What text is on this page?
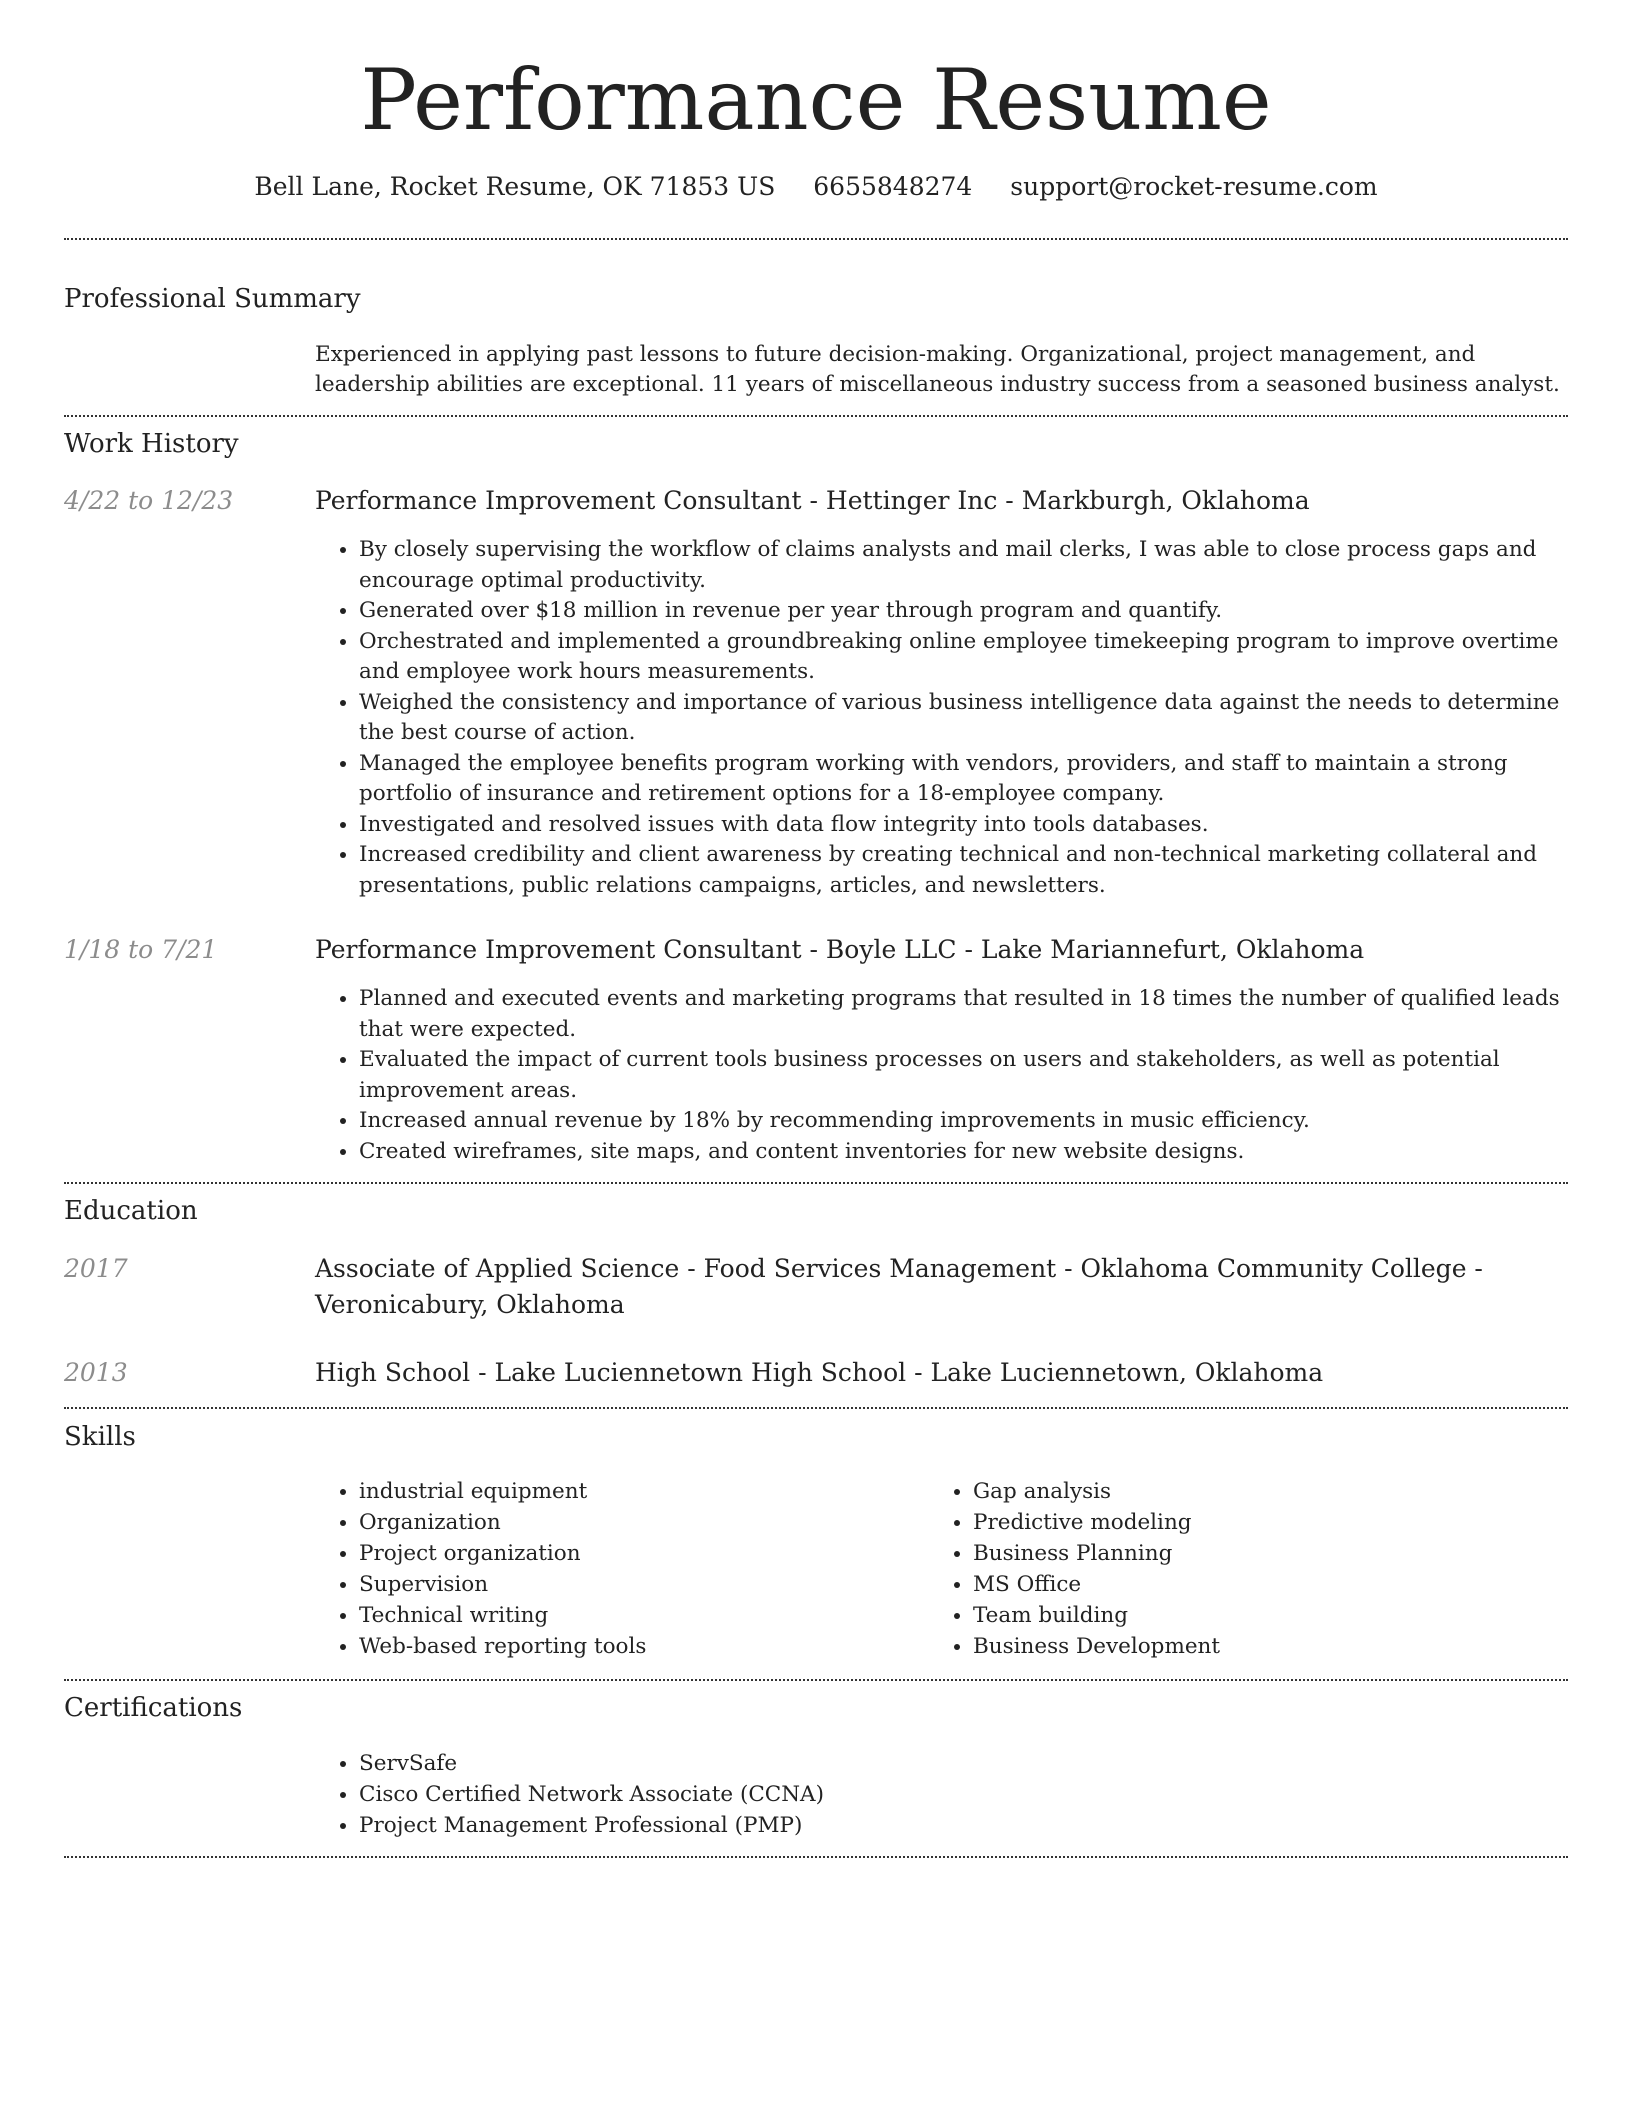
Performance Resume
Bell Lane, Rocket Resume, OK 71853 US 6655848274 support@rocket-resume.com
Professional Summary
Experienced in applying past lessons to future decision-making. Organizational, project management, and leadership abilities are exceptional. 11 years of miscellaneous industry success from a seasoned business analyst.
Work History
4/22 to 12/23	Performance Improvement Consultant - Hettinger Inc - Markburgh, Oklahoma
• By closely supervising the workflow of claims analysts and mail clerks, I was able to close process gaps and encourage optimal productivity.
• Generated over $18 million in revenue per year through program and quantify.
• Orchestrated and implemented a groundbreaking online employee timekeeping program to improve overtime and employee work hours measurements.
• Weighed the consistency and importance of various business intelligence data against the needs to determine the best course of action.
• Managed the employee benefits program working with vendors, providers, and staff to maintain a strong portfolio of insurance and retirement options for a 18-employee company.
• Investigated and resolved issues with data flow integrity into tools databases.
• Increased credibility and client awareness by creating technical and non-technical marketing collateral and presentations, public relations campaigns, articles, and newsletters.
1/18 to 7/21	Performance Improvement Consultant - Boyle LLC - Lake Mariannefurt, Oklahoma
• Planned and executed events and marketing programs that resulted in 18 times the number of qualified leads that were expected.
• Evaluated the impact of current tools business processes on users and stakeholders, as well as potential improvement areas.
• Increased annual revenue by 18% by recommending improvements in music efficiency.
• Created wireframes, site maps, and content inventories for new website designs.
Education
2017	Associate of Applied Science - Food Services Management - Oklahoma Community College - Veronicabury, Oklahoma
2013	High School - Lake Luciennetown High School - Lake Luciennetown, Oklahoma
Skills
• industrial equipment
• Organization
• Project organization
• Supervision
• Technical writing
• Web-based reporting tools
• Gap analysis
• Predictive modeling
• Business Planning
• MS Office
• Team building
• Business Development
Certifications
• ServSafe
• Cisco Certified Network Associate (CCNA)
• Project Management Professional (PMP)
